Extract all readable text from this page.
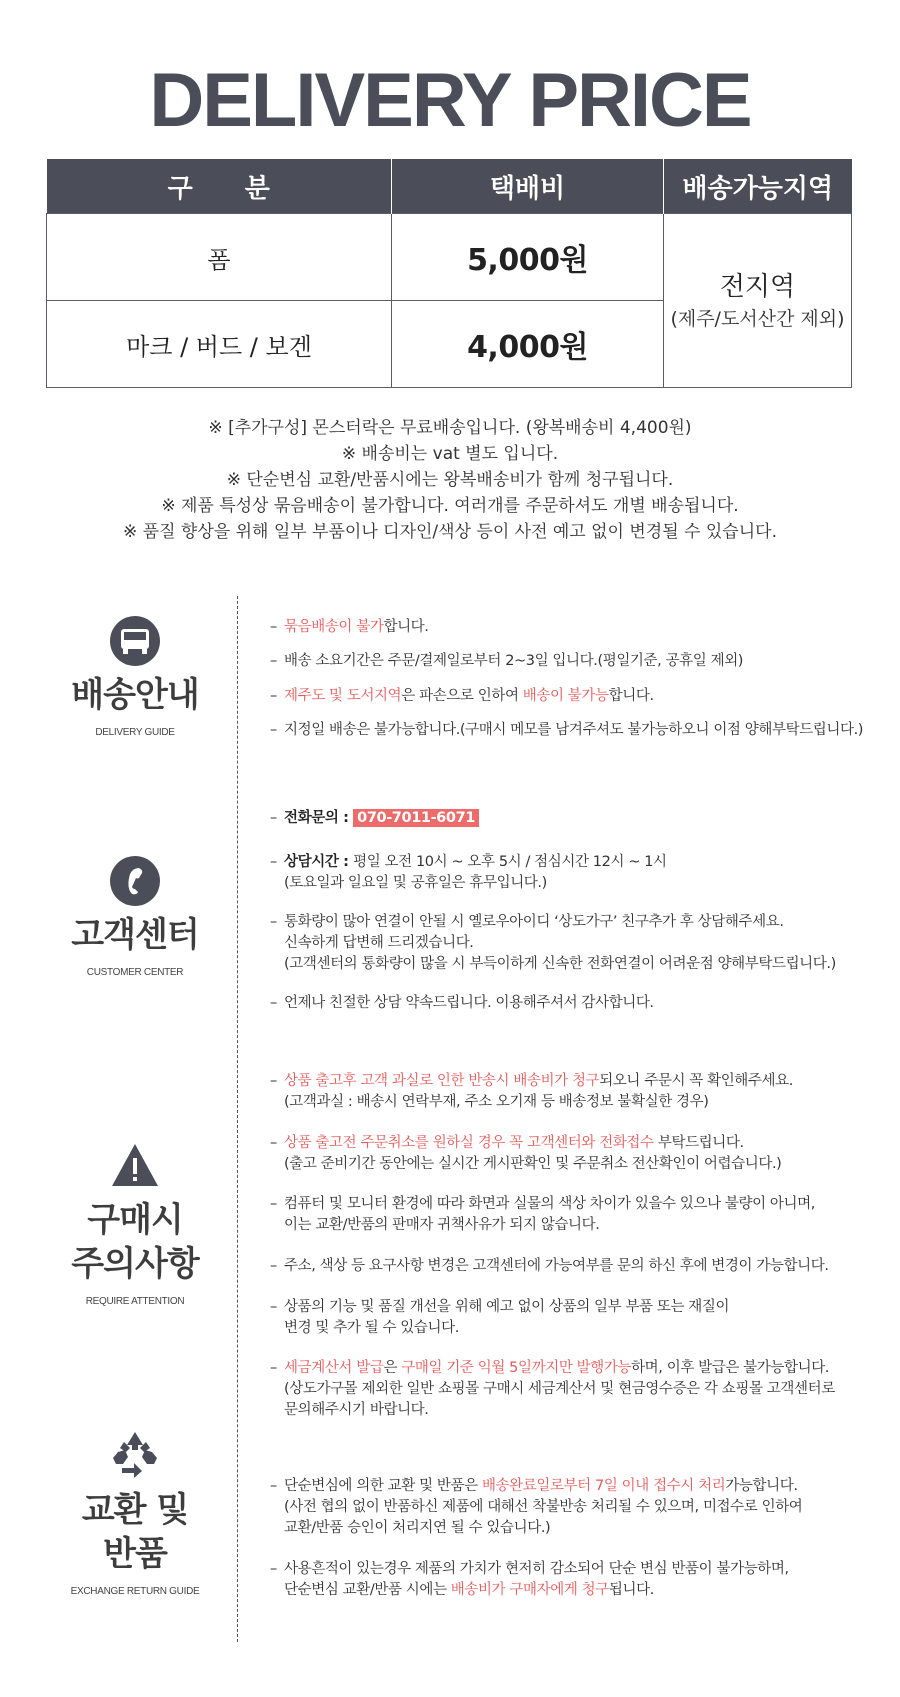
DELIVERY PRICE
구　　분	택배비	배송가능지역
폼	5,000원	전지역
(제주/도서산간 제외)

마크 / 버드 / 보겐	4,000원	
※ [추가구성] 몬스터락은 무료배송입니다. (왕복배송비 4,400원)
※ 배송비는 vat 별도 입니다.
※ 단순변심 교환/반품시에는 왕복배송비가 함께 청구됩니다.
※ 제품 특성상 묶음배송이 불가합니다. 여러개를 주문하셔도 개별 배송됩니다.
※ 품질 향상을 위해 일부 부품이나 디자인/색상 등이 사전 예고 없이 변경될 수 있습니다.
배송안내
DELIVERY GUIDE
– 묶음배송이 불가합니다.
– 배송 소요기간은 주문/결제일로부터 2~3일 입니다.(평일기준, 공휴일 제외)
– 제주도 및 도서지역은 파손으로 인하여 배송이 불가능합니다.
– 지정일 배송은 불가능합니다.(구매시 메모를 남겨주셔도 불가능하오니 이점 양해부탁드립니다.)
고객센터
CUSTOMER CENTER
– 전화문의 : 070-7011-6071
– 상담시간 : 평일 오전 10시 ~ 오후 5시 / 점심시간 12시 ~ 1시
(토요일과 일요일 및 공휴일은 휴무입니다.)
– 통화량이 많아 연결이 안될 시 옐로우아이디 ‘상도가구’ 친구추가 후 상담해주세요.
신속하게 답변해 드리겠습니다.
(고객센터의 통화량이 많을 시 부득이하게 신속한 전화연결이 어려운점 양해부탁드립니다.)
– 언제나 친절한 상담 약속드립니다. 이용해주셔서 감사합니다.
구매시
주의사항
REQUIRE ATTENTION
– 상품 출고후 고객 과실로 인한 반송시 배송비가 청구되오니 주문시 꼭 확인해주세요.
(고객과실 : 배송시 연락부재, 주소 오기재 등 배송정보 불확실한 경우)
– 상품 출고전 주문취소를 원하실 경우 꼭 고객센터와 전화접수 부탁드립니다.
(출고 준비기간 동안에는 실시간 게시판확인 및 주문취소 전산확인이 어렵습니다.)
– 컴퓨터 및 모니터 환경에 따라 화면과 실물의 색상 차이가 있을수 있으나 불량이 아니며,
이는 교환/반품의 판매자 귀책사유가 되지 않습니다.
– 주소, 색상 등 요구사항 변경은 고객센터에 가능여부를 문의 하신 후에 변경이 가능합니다.
– 상품의 기능 및 품질 개선을 위해 예고 없이 상품의 일부 부품 또는 재질이
변경 및 추가 될 수 있습니다.
– 세금계산서 발급은 구매일 기준 익월 5일까지만 발행가능하며, 이후 발급은 불가능합니다.
(상도가구몰 제외한 일반 쇼핑몰 구매시 세금계산서 및 현금영수증은 각 쇼핑몰 고객센터로
문의해주시기 바랍니다.
교환 및
반품
EXCHANGE RETURN GUIDE
– 단순변심에 의한 교환 및 반품은 배송완료일로부터 7일 이내 접수시 처리가능합니다.
(사전 협의 없이 반품하신 제품에 대해선 착불반송 처리될 수 있으며, 미접수로 인하여
교환/반품 승인이 처리지연 될 수 있습니다.)
– 사용흔적이 있는경우 제품의 가치가 현저히 감소되어 단순 변심 반품이 불가능하며,
단순변심 교환/반품 시에는 배송비가 구매자에게 청구됩니다.
